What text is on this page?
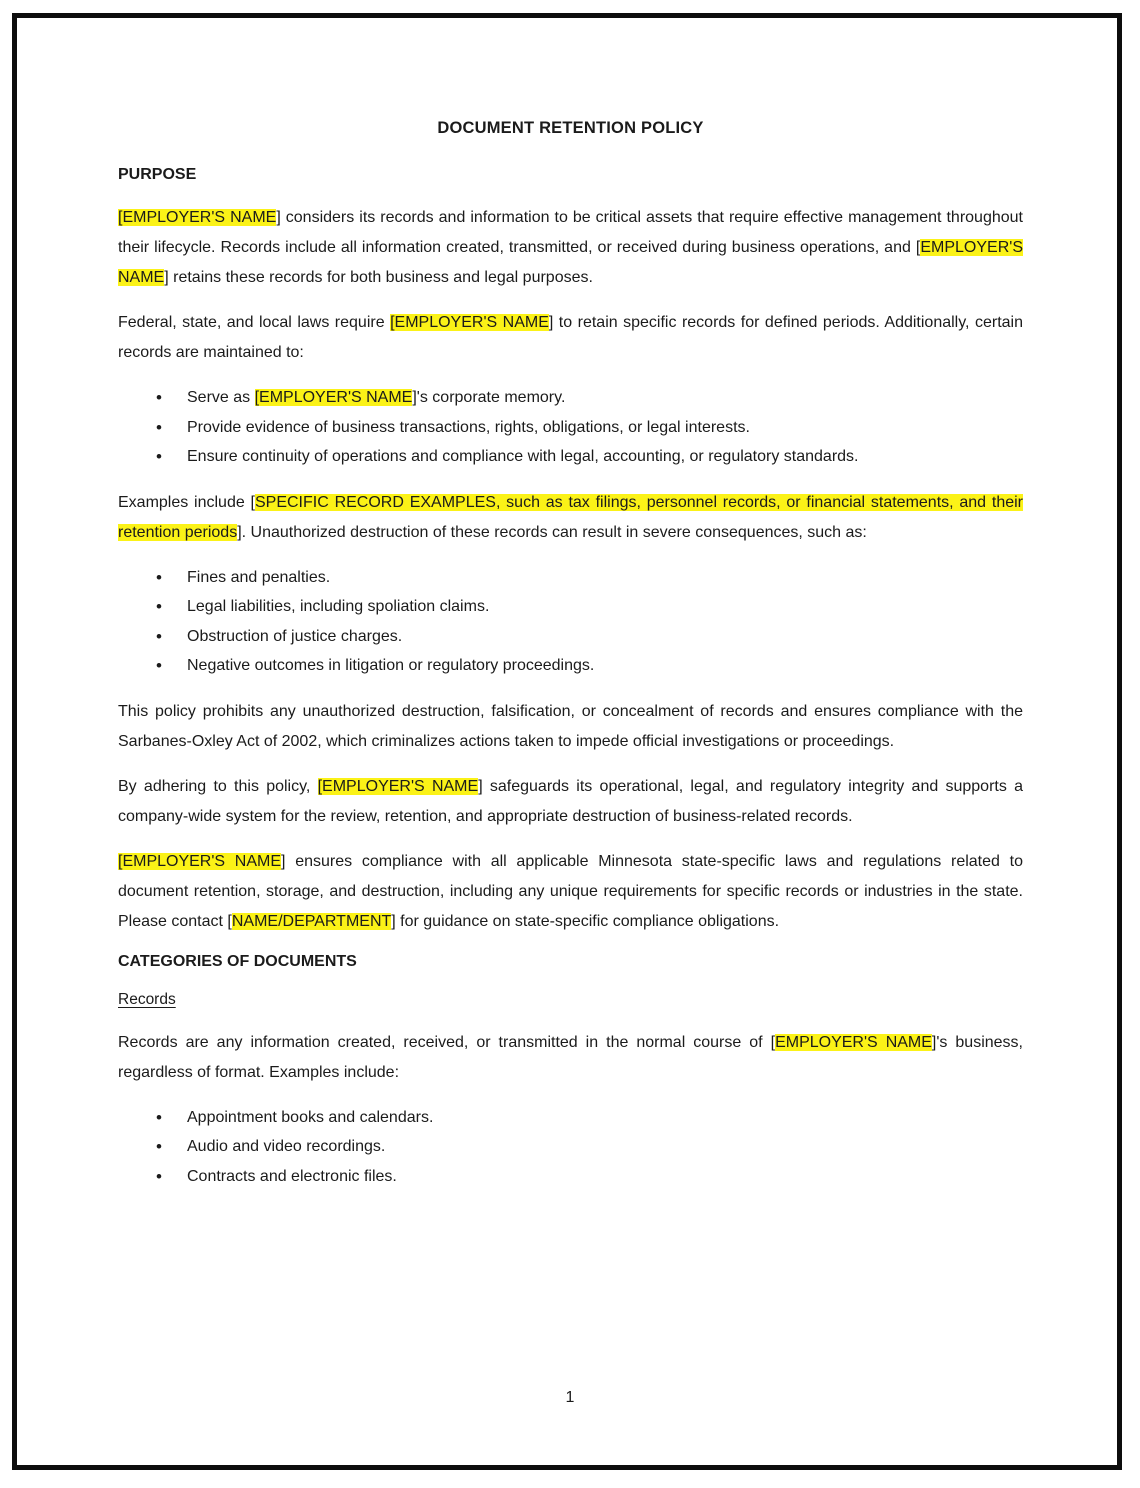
DOCUMENT RETENTION POLICY
PURPOSE

[EMPLOYER'S NAME] considers its records and information to be critical assets that require effective management throughout their lifecycle. Records include all information created, transmitted, or received during business operations, and [EMPLOYER'S NAME] retains these records for both business and legal purposes.

Federal, state, and local laws require [EMPLOYER'S NAME] to retain specific records for defined periods. Additionally, certain records are maintained to:

• Serve as [EMPLOYER'S NAME]'s corporate memory.
• Provide evidence of business transactions, rights, obligations, or legal interests.
• Ensure continuity of operations and compliance with legal, accounting, or regulatory standards.

Examples include [SPECIFIC RECORD EXAMPLES, such as tax filings, personnel records, or financial statements, and their retention periods]. Unauthorized destruction of these records can result in severe consequences, such as:

• Fines and penalties.
• Legal liabilities, including spoliation claims.
• Obstruction of justice charges.
• Negative outcomes in litigation or regulatory proceedings.

This policy prohibits any unauthorized destruction, falsification, or concealment of records and ensures compliance with the Sarbanes-Oxley Act of 2002, which criminalizes actions taken to impede official investigations or proceedings.

By adhering to this policy, [EMPLOYER'S NAME] safeguards its operational, legal, and regulatory integrity and supports a company-wide system for the review, retention, and appropriate destruction of business-related records.

[EMPLOYER'S NAME] ensures compliance with all applicable Minnesota state-specific laws and regulations related to document retention, storage, and destruction, including any unique requirements for specific records or industries in the state. Please contact [NAME/DEPARTMENT] for guidance on state-specific compliance obligations.

CATEGORIES OF DOCUMENTS
Records

Records are any information created, received, or transmitted in the normal course of [EMPLOYER'S NAME]'s business, regardless of format. Examples include:

• Appointment books and calendars.
• Audio and video recordings.
• Contracts and electronic files.
1
